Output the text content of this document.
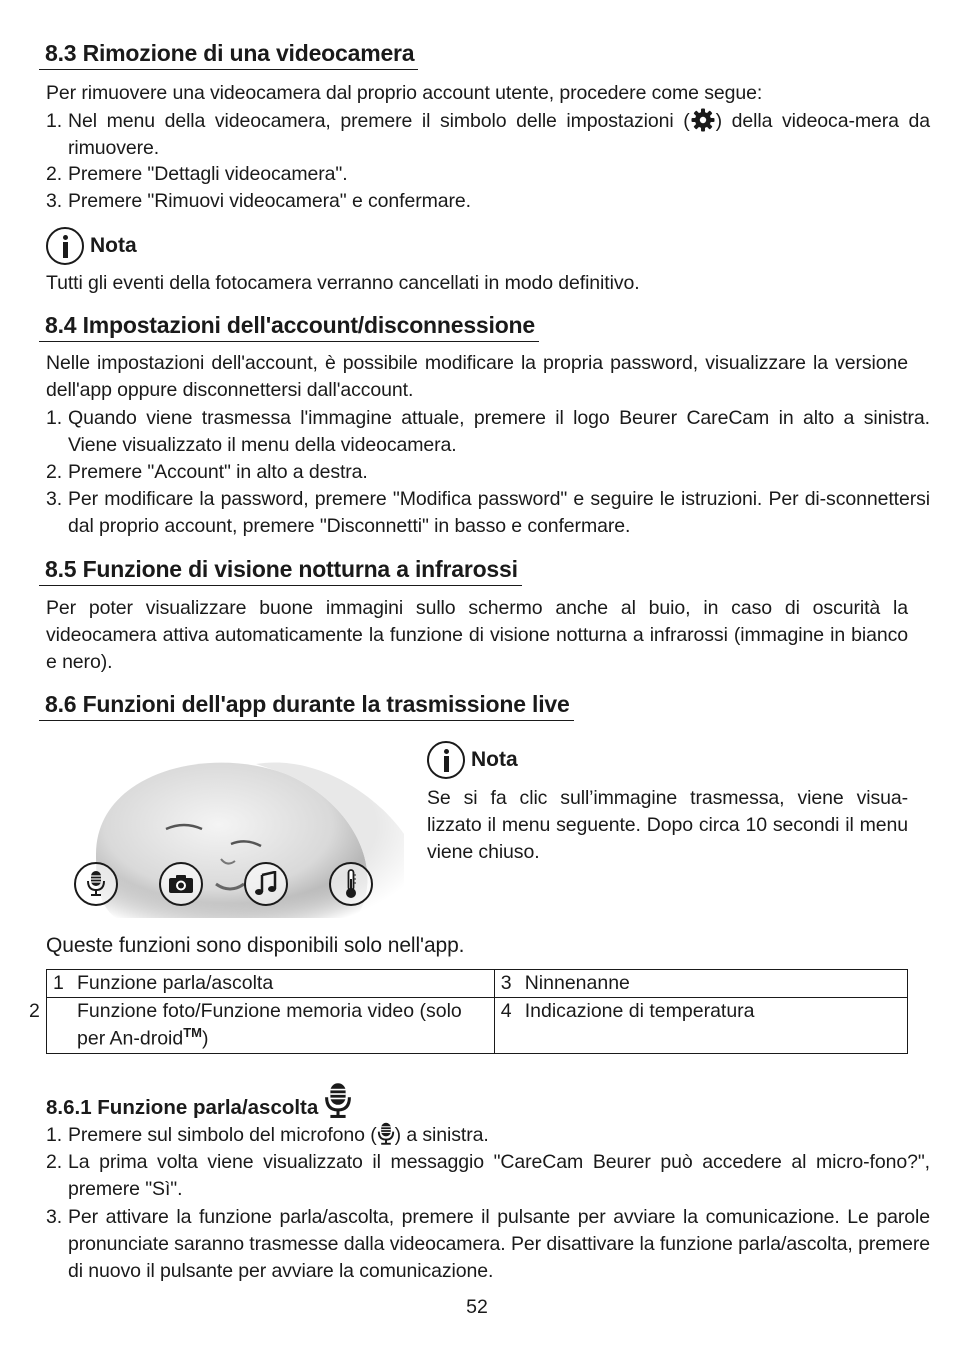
8.3 Rimozione di una videocamera
Per rimuovere una videocamera dal proprio account utente, procedere come segue:
1. Nel menu della videocamera, premere il simbolo delle impostazioni ( ) della videoca-mera da rimuovere.
2. Premere "Dettagli videocamera".
3. Premere "Rimuovi videocamera" e confermare.
Nota
Tutti gli eventi della fotocamera verranno cancellati in modo definitivo.
8.4 Impostazioni dell'account/disconnessione
Nelle impostazioni dell'account, è possibile modificare la propria password, visualizzare la versione dell'app oppure disconnettersi dall'account.
1. Quando viene trasmessa l'immagine attuale, premere il logo Beurer CareCam in alto a sinistra. Viene visualizzato il menu della videocamera.
2. Premere "Account" in alto a destra.
3. Per modificare la password, premere "Modifica password" e seguire le istruzioni. Per di-sconnettersi dal proprio account, premere "Disconnetti" in basso e confermare.
8.5 Funzione di visione notturna a infrarossi
Per poter visualizzare buone immagini sullo schermo anche al buio, in caso di oscurità la videocamera attiva automaticamente la funzione di visione notturna a infrarossi (immagine in bianco e nero).
8.6 Funzioni dell'app durante la trasmissione live
Nota
Se si fa clic sull’immagine trasmessa, viene visua-lizzato il menu seguente. Dopo circa 10 secondi il menu viene chiuso.
Queste funzioni sono disponibili solo nell'app.
1 Funzione parla/ascolta	3 Ninnenanne

2 Funzione foto/Funzione memoria video (solo per An-droid™)	4 Indicazione di temperatura
8.6.1 Funzione parla/ascolta
1. Premere sul simbolo del microfono ( ) a sinistra.
2. La prima volta viene visualizzato il messaggio "CareCam Beurer può accedere al micro-fono?", premere "Sì".
3. Per attivare la funzione parla/ascolta, premere il pulsante per avviare la comunicazione. Le parole pronunciate saranno trasmesse dalla videocamera. Per disattivare la funzione parla/ascolta, premere di nuovo il pulsante per avviare la comunicazione.
52
